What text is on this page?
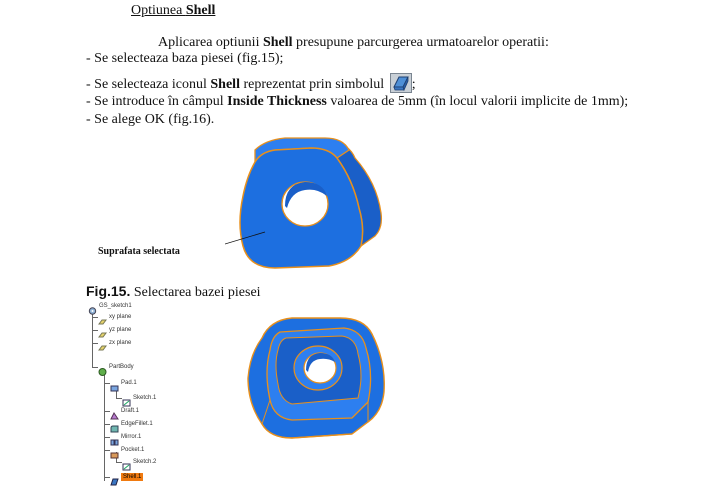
Optiunea Shell
Aplicarea optiunii Shell presupune parcurgerea urmatoarelor operatii:
- Se selecteaza baza piesei (fig.15);
- Se selecteaza iconul Shell reprezentat prin simbolul ;
- Se introduce în câmpul Inside Thickness valoarea de 5mm (în locul valorii implicite de 1mm);
- Se alege OK (fig.16).
Suprafata selectata
Fig.15. Selectarea bazei piesei
GS_sketch1
xy plane
yz plane
zx plane
PartBody
Pad.1
Sketch.1
Draft.1
EdgeFillet.1
Mirror.1
Pocket.1
Sketch.2
Shell.1
